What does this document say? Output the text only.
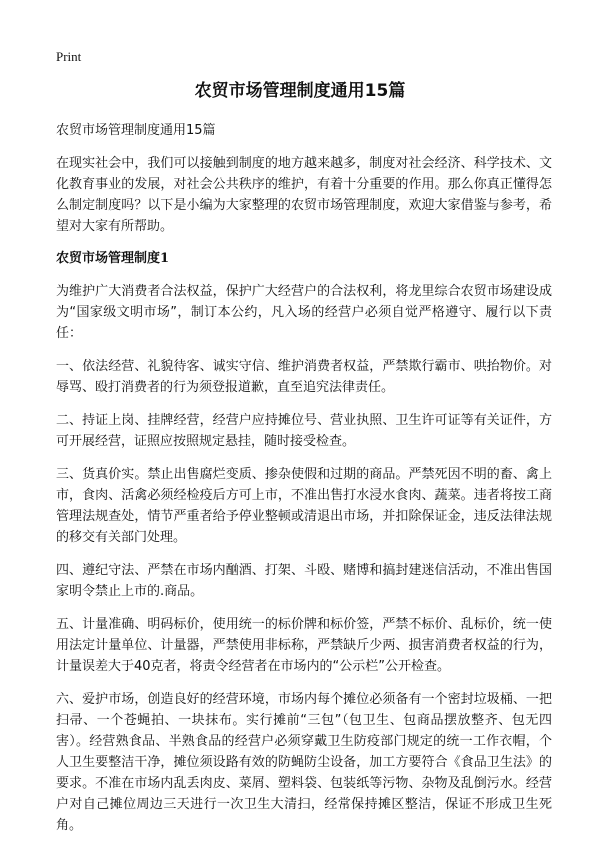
Print
农贸市场管理制度通用15篇

农贸市场管理制度通用15篇

在现实社会中，我们可以接触到制度的地方越来越多，制度对社会经济、科学技术、文化教育事业的发展，对社会公共秩序的维护，有着十分重要的作用。那么你真正懂得怎么制定制度吗？以下是小编为大家整理的农贸市场管理制度，欢迎大家借鉴与参考，希望对大家有所帮助。

农贸市场管理制度1

为维护广大消费者合法权益，保护广大经营户的合法权利，将龙里综合农贸市场建设成为“国家级文明市场”，制订本公约，凡入场的经营户必须自觉严格遵守、履行以下责任：

一、依法经营、礼貌待客、诚实守信、维护消费者权益，严禁欺行霸市、哄抬物价。对辱骂、殴打消费者的行为须登报道歉，直至追究法律责任。

二、持证上岗、挂牌经营，经营户应持摊位号、营业执照、卫生许可证等有关证件，方可开展经营，证照应按照规定悬挂，随时接受检查。

三、货真价实。禁止出售腐烂变质、掺杂使假和过期的商品。严禁死因不明的畜、禽上市，食肉、活禽必须经检疫后方可上市，不准出售打水浸水食肉、蔬菜。违者将按工商管理法规查处，情节严重者给予停业整顿或清退出市场，并扣除保证金，违反法律法规的移交有关部门处理。

四、遵纪守法、严禁在市场内酗酒、打架、斗殴、赌博和搞封建迷信活动，不准出售国家明令禁止上市的.商品。

五、计量准确、明码标价，使用统一的标价牌和标价签，严禁不标价、乱标价，统一使用法定计量单位、计量器，严禁使用非标称，严禁缺斤少两、损害消费者权益的行为，计量误差大于40克者，将责令经营者在市场内的“公示栏”公开检查。

六、爱护市场，创造良好的经营环境，市场内每个摊位必须备有一个密封垃圾桶、一把扫帚、一个苍蝇拍、一块抹布。实行摊前“三包”（包卫生、包商品摆放整齐、包无四害）。经营熟食品、半熟食品的经营户必须穿戴卫生防疫部门规定的统一工作衣帽，个人卫生要整洁干净，摊位须设路有效的防蝇防尘设备，加工方要符合《食品卫生法》的要求。不准在市场内乱丢肉皮、菜屑、塑料袋、包装纸等污物、杂物及乱倒污水。经营户对自己摊位周边三天进行一次卫生大清扫，经常保持摊区整洁，保证不形成卫生死角。
